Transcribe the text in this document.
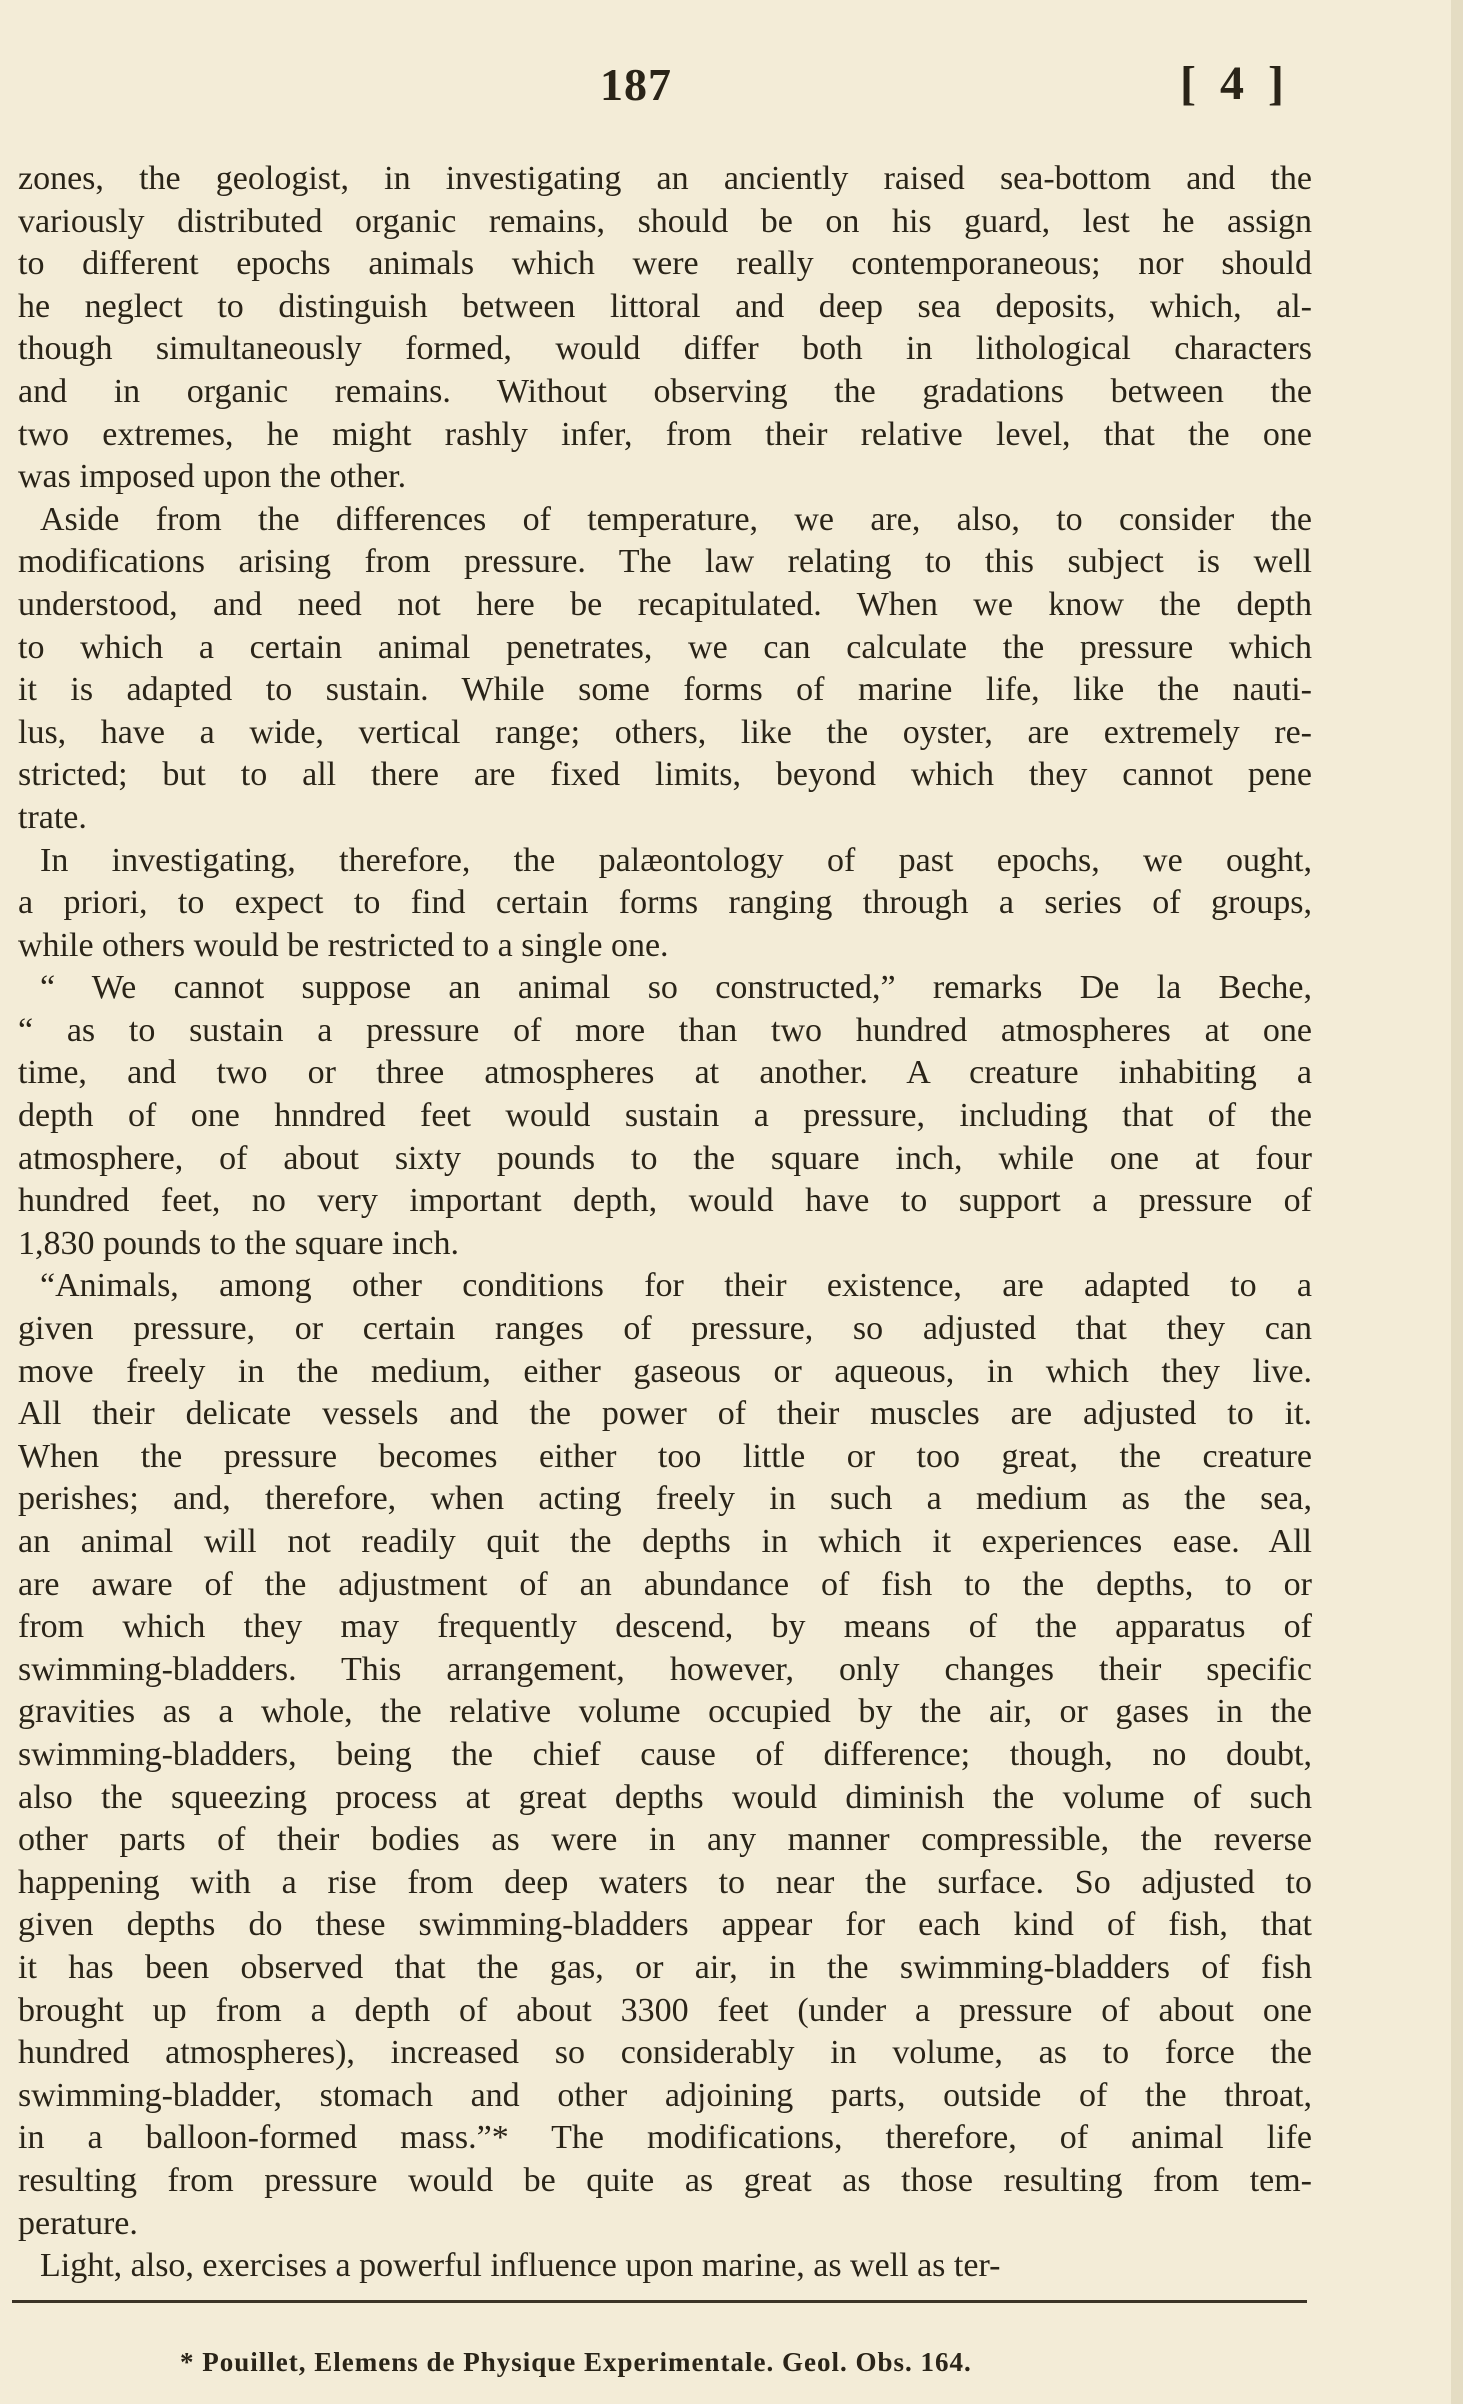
187	[ 4 ]
zones, the geologist, in investigating an anciently raised sea-bottom and the
variously distributed organic remains, should be on his guard, lest he assign
to different epochs animals which were really contemporaneous; nor should
he neglect to distinguish between littoral and deep sea deposits, which, al-
though simultaneously formed, would differ both in lithological characters
and in organic remains. Without observing the gradations between the
two extremes, he might rashly infer, from their relative level, that the one
was imposed upon the other.
Aside from the differences of temperature, we are, also, to consider the
modifications arising from pressure. The law relating to this subject is well
understood, and need not here be recapitulated. When we know the depth
to which a certain animal penetrates, we can calculate the pressure which
it is adapted to sustain. While some forms of marine life, like the nauti-
lus, have a wide, vertical range; others, like the oyster, are extremely re-
stricted; but to all there are fixed limits, beyond which they cannot pene
trate.
In investigating, therefore, the palæontology of past epochs, we ought,
a priori, to expect to find certain forms ranging through a series of groups,
while others would be restricted to a single one.
“ We cannot suppose an animal so constructed,” remarks De la Beche,
“ as to sustain a pressure of more than two hundred atmospheres at one
time, and two or three atmospheres at another. A creature inhabiting a
depth of one hnndred feet would sustain a pressure, including that of the
atmosphere, of about sixty pounds to the square inch, while one at four
hundred feet, no very important depth, would have to support a pressure of
1,830 pounds to the square inch.
“Animals, among other conditions for their existence, are adapted to a
given pressure, or certain ranges of pressure, so adjusted that they can
move freely in the medium, either gaseous or aqueous, in which they live.
All their delicate vessels and the power of their muscles are adjusted to it.
When the pressure becomes either too little or too great, the creature
perishes; and, therefore, when acting freely in such a medium as the sea,
an animal will not readily quit the depths in which it experiences ease. All
are aware of the adjustment of an abundance of fish to the depths, to or
from which they may frequently descend, by means of the apparatus of
swimming-bladders. This arrangement, however, only changes their specific
gravities as a whole, the relative volume occupied by the air, or gases in the
swimming-bladders, being the chief cause of difference; though, no doubt,
also the squeezing process at great depths would diminish the volume of such
other parts of their bodies as were in any manner compressible, the reverse
happening with a rise from deep waters to near the surface. So adjusted to
given depths do these swimming-bladders appear for each kind of fish, that
it has been observed that the gas, or air, in the swimming-bladders of fish
brought up from a depth of about 3300 feet (under a pressure of about one
hundred atmospheres), increased so considerably in volume, as to force the
swimming-bladder, stomach and other adjoining parts, outside of the throat,
in a balloon-formed mass.”* The modifications, therefore, of animal life
resulting from pressure would be quite as great as those resulting from tem-
perature.
Light, also, exercises a powerful influence upon marine, as well as ter-
* Pouillet, Elemens de Physique Experimentale. Geol. Obs. 164.
